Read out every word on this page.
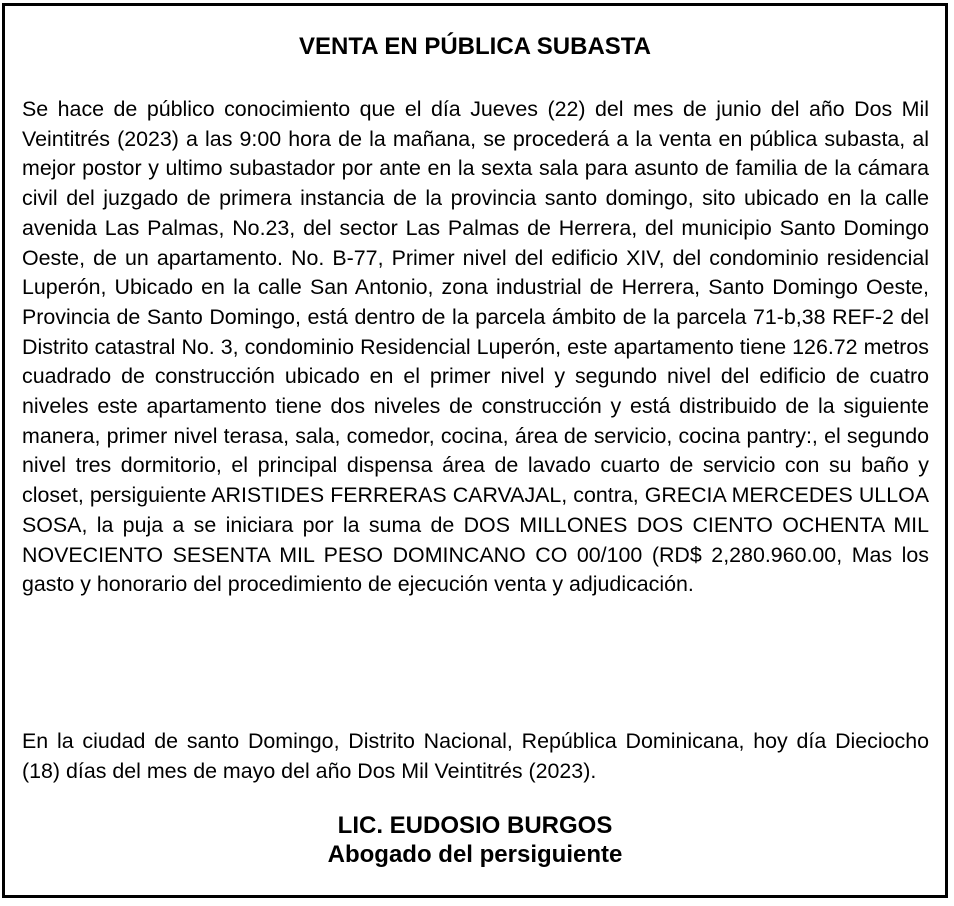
VENTA EN PÚBLICA SUBASTA

Se hace de público conocimiento que el día Jueves (22) del mes de junio del año Dos Mil Veintitrés (2023) a las 9:00 hora de la mañana, se procederá a la venta en pública subasta, al mejor postor y ultimo subastador por ante en la sexta sala para asunto de familia de la cámara civil del juzgado de primera instancia de la provincia santo domingo, sito ubicado en la calle avenida Las Palmas, No.23, del sector Las Palmas de Herrera, del municipio Santo Domingo Oeste, de un apartamento. No. B-77, Primer nivel del edificio XIV, del condominio residencial Luperón, Ubicado en la calle San Antonio, zona industrial de Herrera, Santo Domingo Oeste, Provincia de Santo Domingo, está dentro de la parcela ámbito de la parcela 71-b,38 REF-2 del Distrito catastral No. 3, condominio Residencial Luperón, este apartamento tiene 126.72 metros cuadrado de construcción ubicado en el primer nivel y segundo nivel del edificio de cuatro niveles este apartamento tiene dos niveles de construcción y está distribuido de la siguiente manera, primer nivel terasa, sala, comedor, cocina, área de servicio, cocina pantry:, el segundo nivel tres dormitorio, el principal dispensa área de lavado cuarto de servicio con su baño y closet, persiguiente ARISTIDES FERRERAS CARVAJAL, contra, GRECIA MERCEDES ULLOA SOSA, la puja a se iniciara por la suma de DOS MILLONES DOS CIENTO OCHENTA MIL NOVECIENTO SESENTA MIL PESO DOMINCANO CO 00/100 (RD$ 2,280.960.00, Mas los gasto y honorario del procedimiento de ejecución venta y adjudicación.

En la ciudad de santo Domingo, Distrito Nacional, República Dominicana, hoy día Dieciocho (18) días del mes de mayo del año Dos Mil Veintitrés (2023).

LIC. EUDOSIO BURGOS
Abogado del persiguiente
